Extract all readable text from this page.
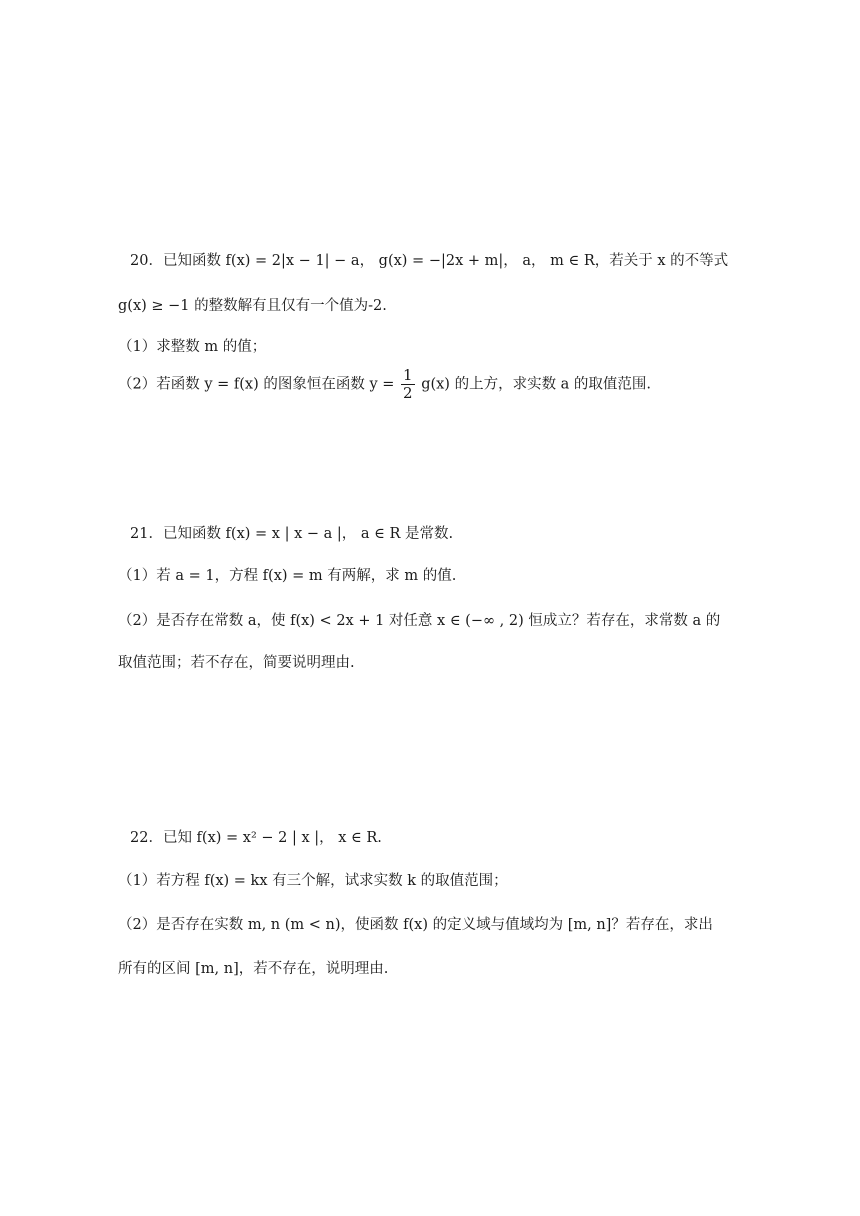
20．已知函数 f(x) = 2|x − 1| − a， g(x) = −|2x + m|， a， m ∈ R，若关于 x 的不等式
g(x) ≥ −1 的整数解有且仅有一个值为-2.
（1）求整数 m 的值；
（2）若函数 y = f(x) 的图象恒在函数 $y = \frac{1}{2} g(x)$ 的上方，求实数 a 的取值范围.
21．已知函数 f(x) = x | x − a |， a ∈ R 是常数.
（1）若 a = 1，方程 f(x) = m 有两解，求 m 的值.
（2）是否存在常数 a，使 f(x) < 2x + 1 对任意 x ∈ (−∞ , 2) 恒成立？若存在，求常数 a 的
取值范围；若不存在，简要说明理由.
22．已知 f(x) = x² − 2 | x |， x ∈ R.
（1）若方程 f(x) = kx 有三个解，试求实数 k 的取值范围；
（2）是否存在实数 m, n (m < n)，使函数 f(x) 的定义域与值域均为 [m, n]？若存在，求出
所有的区间 [m, n]，若不存在，说明理由.
